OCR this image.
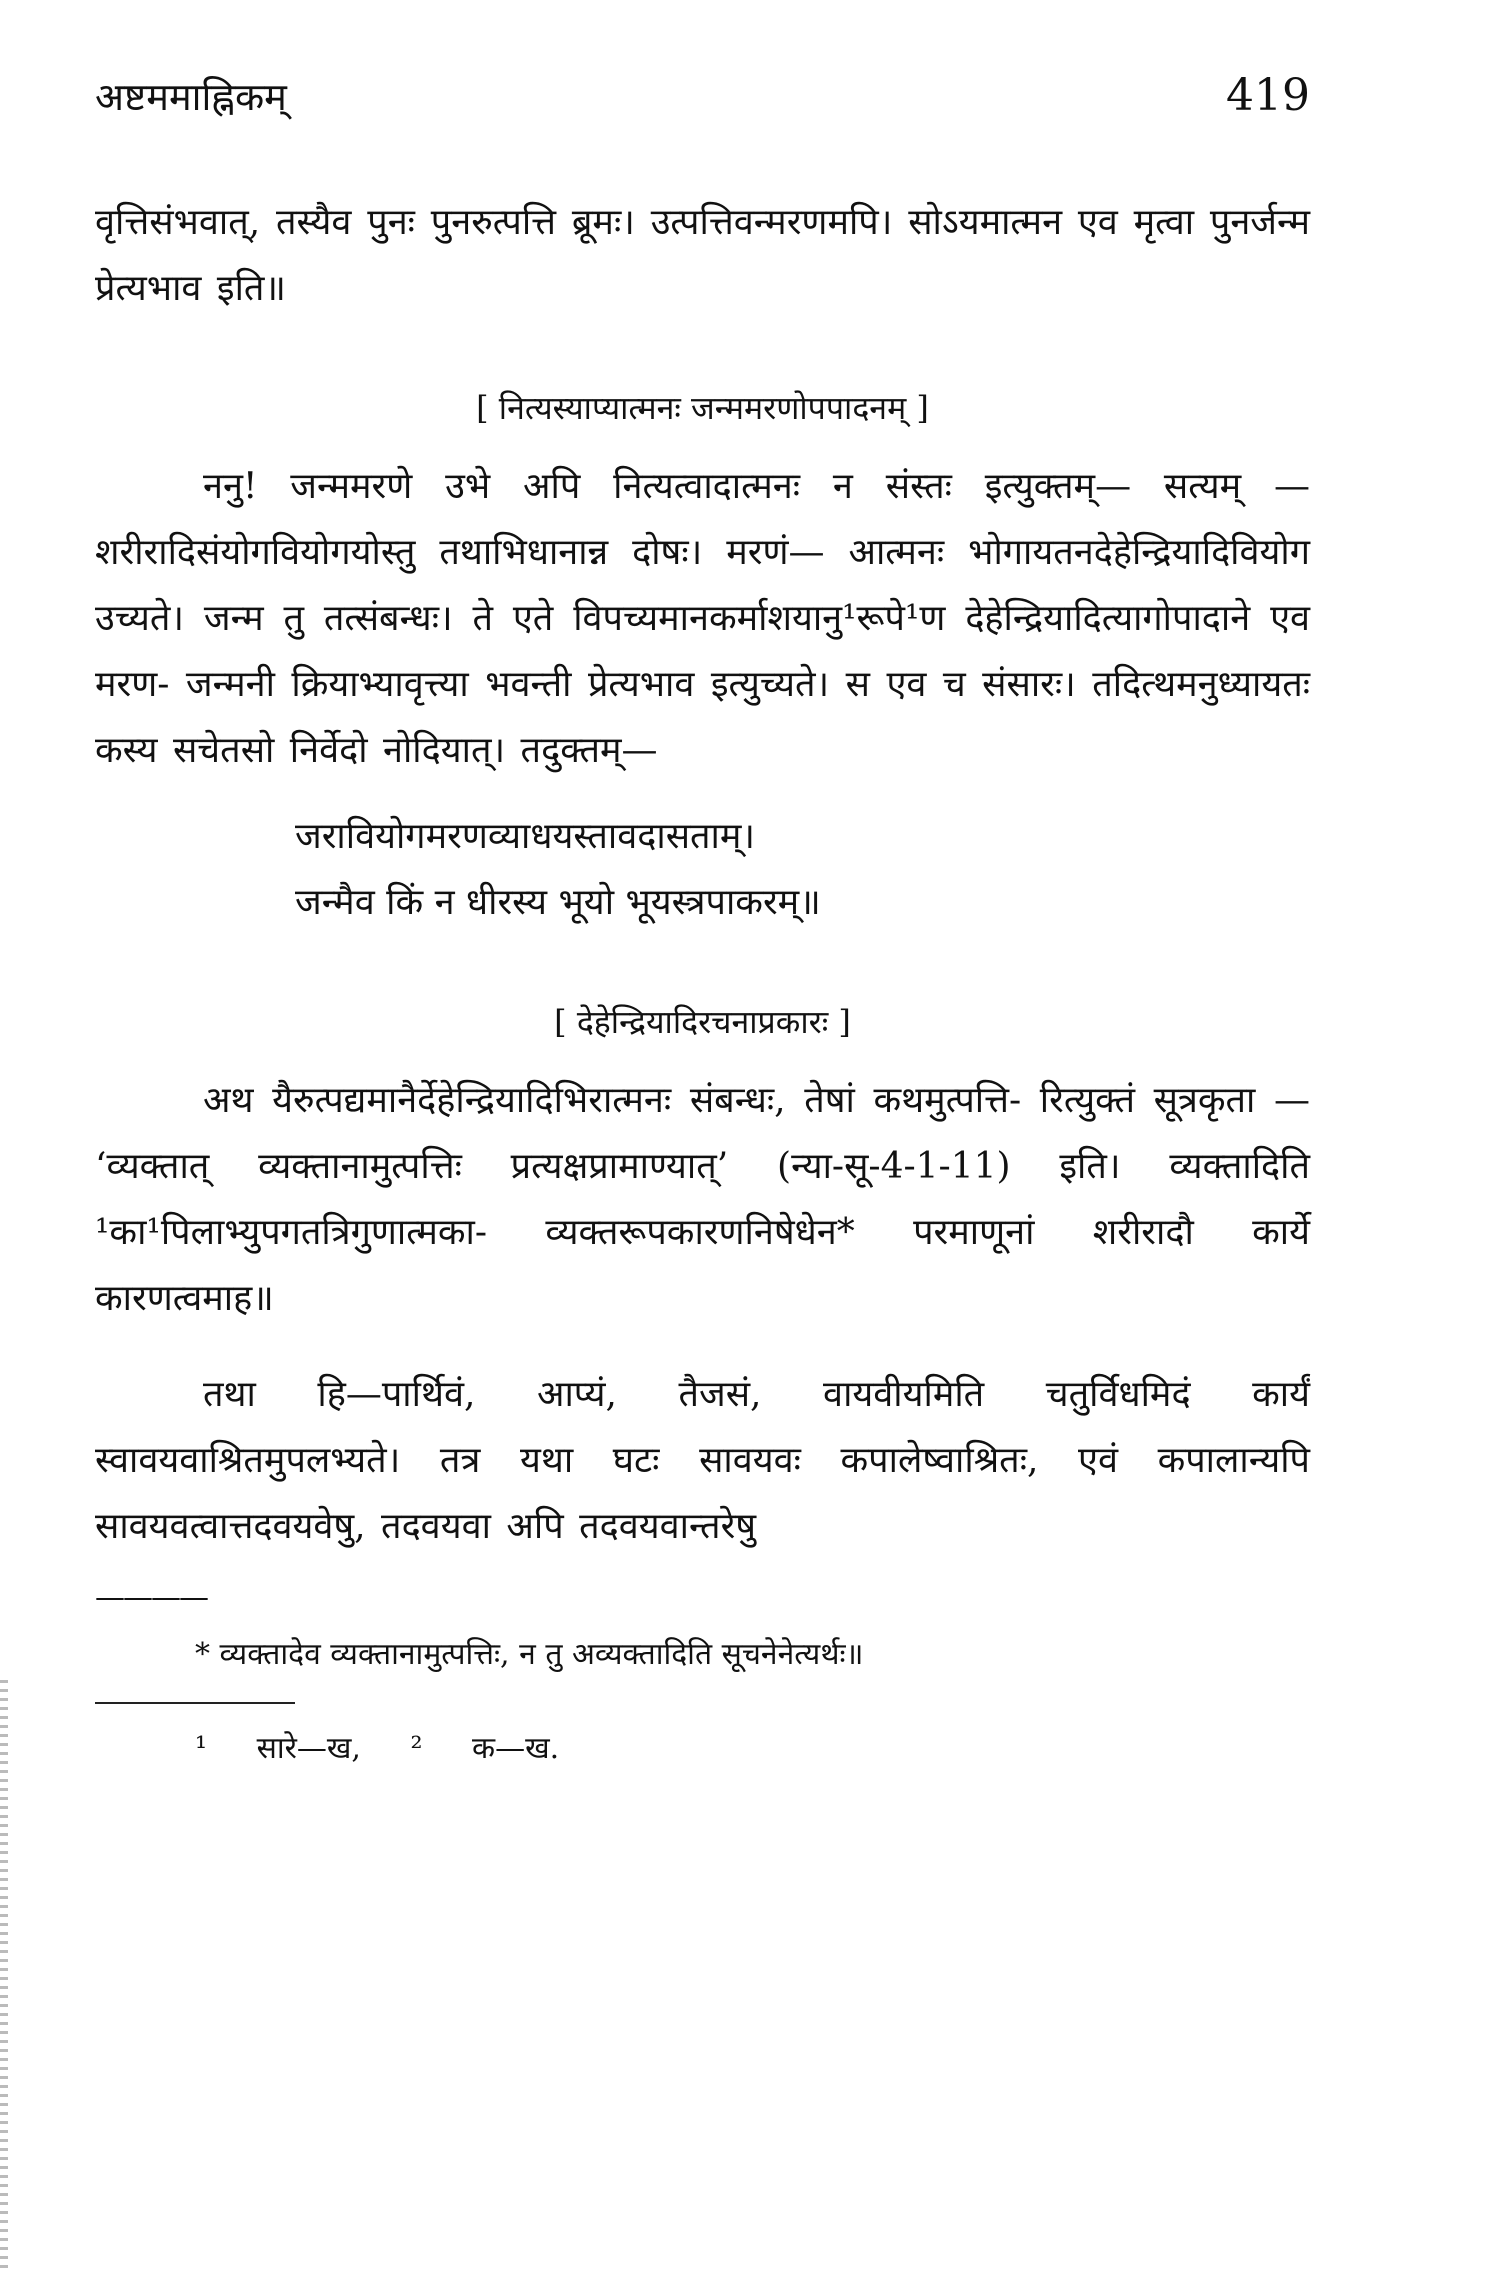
अष्टममाह्निकम्	419

वृत्तिसंभवात्, तस्यैव पुनः पुनरुत्पत्ति ब्रूमः। उत्पत्तिवन्मरणमपि। सोऽयमात्मन एव मृत्वा पुनर्जन्म प्रेत्यभाव इति॥

[ नित्यस्याप्यात्मनः जन्ममरणोपपादनम् ]

ननु! जन्ममरणे उभे अपि नित्यत्वादात्मनः न संस्तः इत्युक्तम्— सत्यम् — शरीरादिसंयोगवियोगयोस्तु तथाभिधानान्न दोषः। मरणं— आत्मनः भोगायतनदेहेन्द्रियादिवियोग उच्यते। जन्म तु तत्संबन्धः। ते एते विपच्यमानकर्माशयानु¹रूपे¹ण देहेन्द्रियादित्यागोपादाने एव मरण- जन्मनी क्रियाभ्यावृत्त्या भवन्ती प्रेत्यभाव इत्युच्यते। स एव च संसारः। तदित्थमनुध्यायतः कस्य सचेतसो निर्वेदो नोदियात्। तदुक्तम्—

जरावियोगमरणव्याधयस्तावदासताम्।

जन्मैव किं न धीरस्य भूयो भूयस्त्रपाकरम्॥

[ देहेन्द्रियादिरचनाप्रकारः ]

अथ यैरुत्पद्यमानैर्देहेन्द्रियादिभिरात्मनः संबन्धः, तेषां कथमुत्पत्ति- रित्युक्तं सूत्रकृता — ‘व्यक्तात् व्यक्तानामुत्पत्तिः प्रत्यक्षप्रामाण्यात्’ (न्या-सू-4-1-11) इति। व्यक्तादिति ¹का¹पिलाभ्युपगतत्रिगुणात्मका- व्यक्तरूपकारणनिषेधेन* परमाणूनां शरीरादौ कार्ये कारणत्वमाह॥

तथा हि—पार्थिवं, आप्यं, तैजसं, वायवीयमिति चतुर्विधमिदं कार्यं स्वावयवाश्रितमुपलभ्यते। तत्र यथा घटः सावयवः कपालेष्वाश्रितः, एवं कपालान्यपि सावयवत्वात्तदवयवेषु, तदवयवा अपि तदवयवान्तरेषु

————

* व्यक्तादेव व्यक्तानामुत्पत्तिः, न तु अव्यक्तादिति सूचनेनेत्यर्थः॥

¹ सारे—ख, ² क—ख.
